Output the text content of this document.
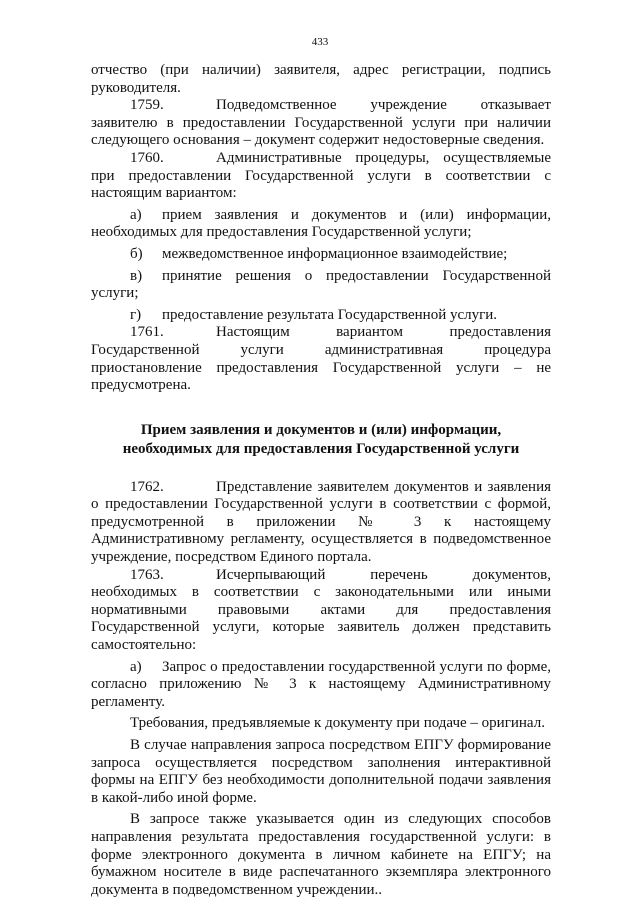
433

отчество (при наличии) заявителя, адрес регистрации, подпись руководителя.

1759.	Подведомственное учреждение отказывает заявителю в предоставлении Государственной услуги при наличии следующего основания – документ содержит недостоверные сведения.

1760.	Административные процедуры, осуществляемые при предоставлении Государственной услуги в соответствии с настоящим вариантом:

а) прием заявления и документов и (или) информации, необходимых для предоставления Государственной услуги;

б) межведомственное информационное взаимодействие;

в) принятие решения о предоставлении Государственной услуги;

г) предоставление результата Государственной услуги.

1761.	Настоящим вариантом предоставления Государственной услуги административная процедура приостановление предоставления Государственной услуги – не предусмотрена.

Прием заявления и документов и (или) информации,
необходимых для предоставления Государственной услуги

1762.	Представление заявителем документов и заявления о предоставлении Государственной услуги в соответствии с формой, предусмотренной в приложении № 3 к настоящему Административному регламенту, осуществляется в подведомственное учреждение, посредством Единого портала.

1763.	Исчерпывающий перечень документов, необходимых в соответствии с законодательными или иными нормативными правовыми актами для предоставления Государственной услуги, которые заявитель должен представить самостоятельно:

а) Запрос о предоставлении государственной услуги по форме, согласно приложению № 3 к настоящему Административному регламенту.

Требования, предъявляемые к документу при подаче – оригинал.

В случае направления запроса посредством ЕПГУ формирование запроса осуществляется посредством заполнения интерактивной формы на ЕПГУ без необходимости дополнительной подачи заявления в какой-либо иной форме.

В запросе также указывается один из следующих способов направления результата предоставления государственной услуги: в форме электронного документа в личном кабинете на ЕПГУ; на бумажном носителе в виде распечатанного экземпляра электронного документа в подведомственном учреждении..
